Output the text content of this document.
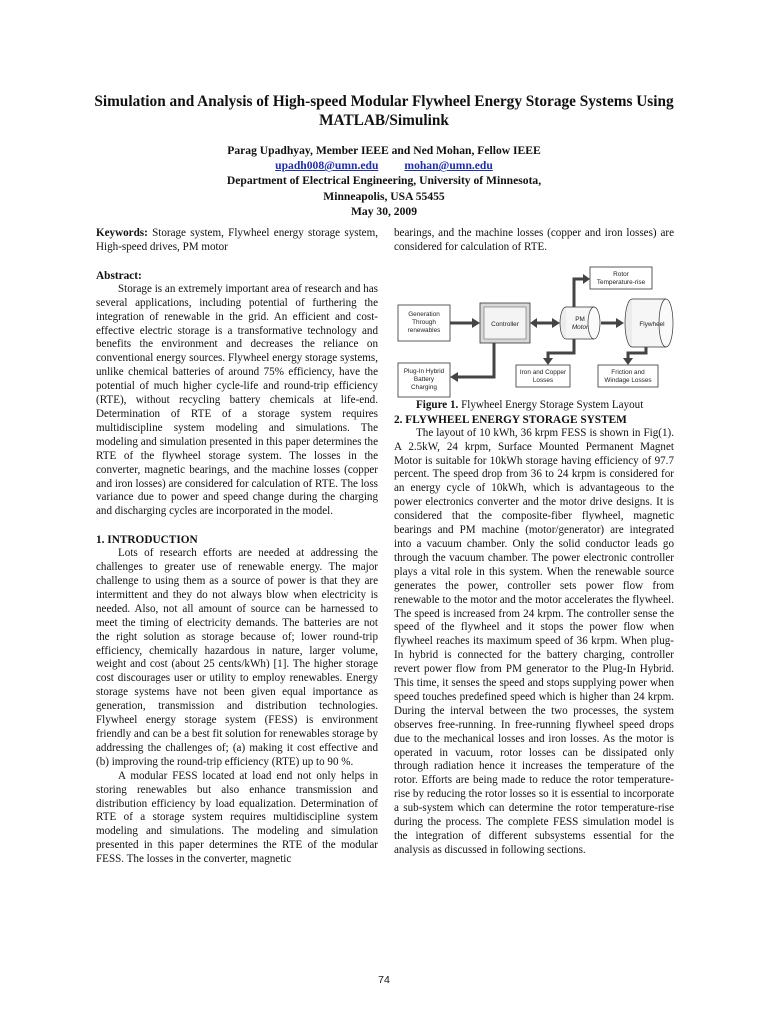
Simulation and Analysis of High-speed Modular Flywheel Energy Storage Systems Using MATLAB/Simulink
Parag Upadhyay, Member IEEE and Ned Mohan, Fellow IEEE
upadh008@umn.edu mohan@umn.edu
Department of Electrical Engineering, University of Minnesota,
Minneapolis, USA 55455
May 30, 2009

Keywords: Storage system, Flywheel energy storage system, High-speed drives, PM motor

Abstract:

Storage is an extremely important area of research and has several applications, including potential of furthering the integration of renewable in the grid. An efficient and cost-effective electric storage is a transformative technology and benefits the environment and decreases the reliance on conventional energy sources. Flywheel energy storage systems, unlike chemical batteries of around 75% efficiency, have the potential of much higher cycle-life and round-trip efficiency (RTE), without recycling battery chemicals at life-end. Determination of RTE of a storage system requires multidiscipline system modeling and simulations. The modeling and simulation presented in this paper determines the RTE of the flywheel storage system. The losses in the converter, magnetic bearings, and the machine losses (copper and iron losses) are considered for calculation of RTE. The loss variance due to power and speed change during the charging and discharging cycles are incorporated in the model.

1. INTRODUCTION

Lots of research efforts are needed at addressing the challenges to greater use of renewable energy. The major challenge to using them as a source of power is that they are intermittent and they do not always blow when electricity is needed. Also, not all amount of source can be harnessed to meet the timing of electricity demands. The batteries are not the right solution as storage because of; lower round-trip efficiency, chemically hazardous in nature, larger volume, weight and cost (about 25 cents/kWh) [1]. The higher storage cost discourages user or utility to employ renewables. Energy storage systems have not been given equal importance as generation, transmission and distribution technologies. Flywheel energy storage system (FESS) is environment friendly and can be a best fit solution for renewables storage by addressing the challenges of; (a) making it cost effective and (b) improving the round-trip efficiency (RTE) up to 90 %.

A modular FESS located at load end not only helps in storing renewables but also enhance transmission and distribution efficiency by load equalization. Determination of RTE of a storage system requires multidiscipline system modeling and simulations. The modeling and simulation presented in this paper determines the RTE of the modular FESS. The losses in the converter, magnetic

bearings, and the machine losses (copper and iron losses) are considered for calculation of RTE.

Generation
Through
renewables
Controller
PM
Motor	Flywheel
Rotor
Temperature-rise
Plug-In Hybrid
Battery
Charging
Iron and Copper
Losses
Friction and
Windage Losses

Figure 1. Flywheel Energy Storage System Layout

2. FLYWHEEL ENERGY STORAGE SYSTEM

The layout of 10 kWh, 36 krpm FESS is shown in Fig(1). A 2.5kW, 24 krpm, Surface Mounted Permanent Magnet Motor is suitable for 10kWh storage having efficiency of 97.7 percent. The speed drop from 36 to 24 krpm is considered for an energy cycle of 10kWh, which is advantageous to the power electronics converter and the motor drive designs. It is considered that the composite-fiber flywheel, magnetic bearings and PM machine (motor/generator) are integrated into a vacuum chamber. Only the solid conductor leads go through the vacuum chamber. The power electronic controller plays a vital role in this system. When the renewable source generates the power, controller sets power flow from renewable to the motor and the motor accelerates the flywheel. The speed is increased from 24 krpm. The controller sense the speed of the flywheel and it stops the power flow when flywheel reaches its maximum speed of 36 krpm. When plug-In hybrid is connected for the battery charging, controller revert power flow from PM generator to the Plug-In Hybrid. This time, it senses the speed and stops supplying power when speed touches predefined speed which is higher than 24 krpm. During the interval between the two processes, the system observes free-running. In free-running flywheel speed drops due to the mechanical losses and iron losses. As the motor is operated in vacuum, rotor losses can be dissipated only through radiation hence it increases the temperature of the rotor. Efforts are being made to reduce the rotor temperature-rise by reducing the rotor losses so it is essential to incorporate a sub-system which can determine the rotor temperature-rise during the process. The complete FESS simulation model is the integration of different subsystems essential for the analysis as discussed in following sections.

74
